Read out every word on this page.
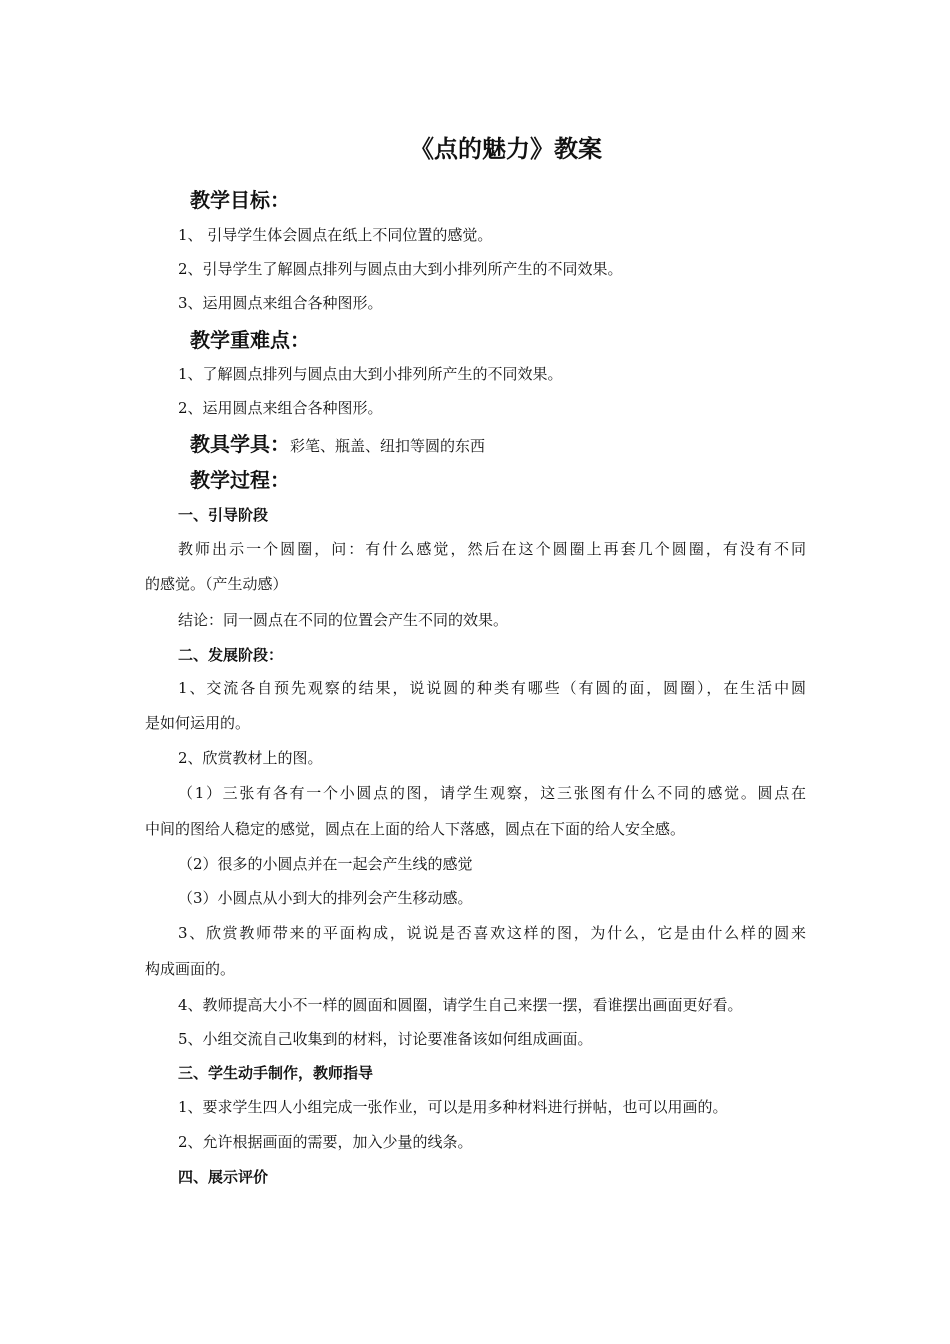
《点的魅力》教案
教学目标：
1、 引导学生体会圆点在纸上不同位置的感觉。
2、引导学生了解圆点排列与圆点由大到小排列所产生的不同效果。
3、运用圆点来组合各种图形。
教学重难点：
1、了解圆点排列与圆点由大到小排列所产生的不同效果。
2、运用圆点来组合各种图形。
教具学具：彩笔、瓶盖、纽扣等圆的东西
教学过程：
一、引导阶段
教师出示一个圆圈，问：有什么感觉，然后在这个圆圈上再套几个圆圈，有没有不同
的感觉。（产生动感）
结论：同一圆点在不同的位置会产生不同的效果。
二、发展阶段：
1、交流各自预先观察的结果，说说圆的种类有哪些（有圆的面，圆圈），在生活中圆
是如何运用的。
2、欣赏教材上的图。
（1）三张有各有一个小圆点的图，请学生观察，这三张图有什么不同的感觉。圆点在
中间的图给人稳定的感觉，圆点在上面的给人下落感，圆点在下面的给人安全感。
（2）很多的小圆点并在一起会产生线的感觉
（3）小圆点从小到大的排列会产生移动感。
3、欣赏教师带来的平面构成，说说是否喜欢这样的图，为什么，它是由什么样的圆来
构成画面的。
4、教师提高大小不一样的圆面和圆圈，请学生自己来摆一摆，看谁摆出画面更好看。
5、小组交流自己收集到的材料，讨论要准备该如何组成画面。
三、学生动手制作，教师指导
1、要求学生四人小组完成一张作业，可以是用多种材料进行拼帖，也可以用画的。
2、允许根据画面的需要，加入少量的线条。
四、展示评价
